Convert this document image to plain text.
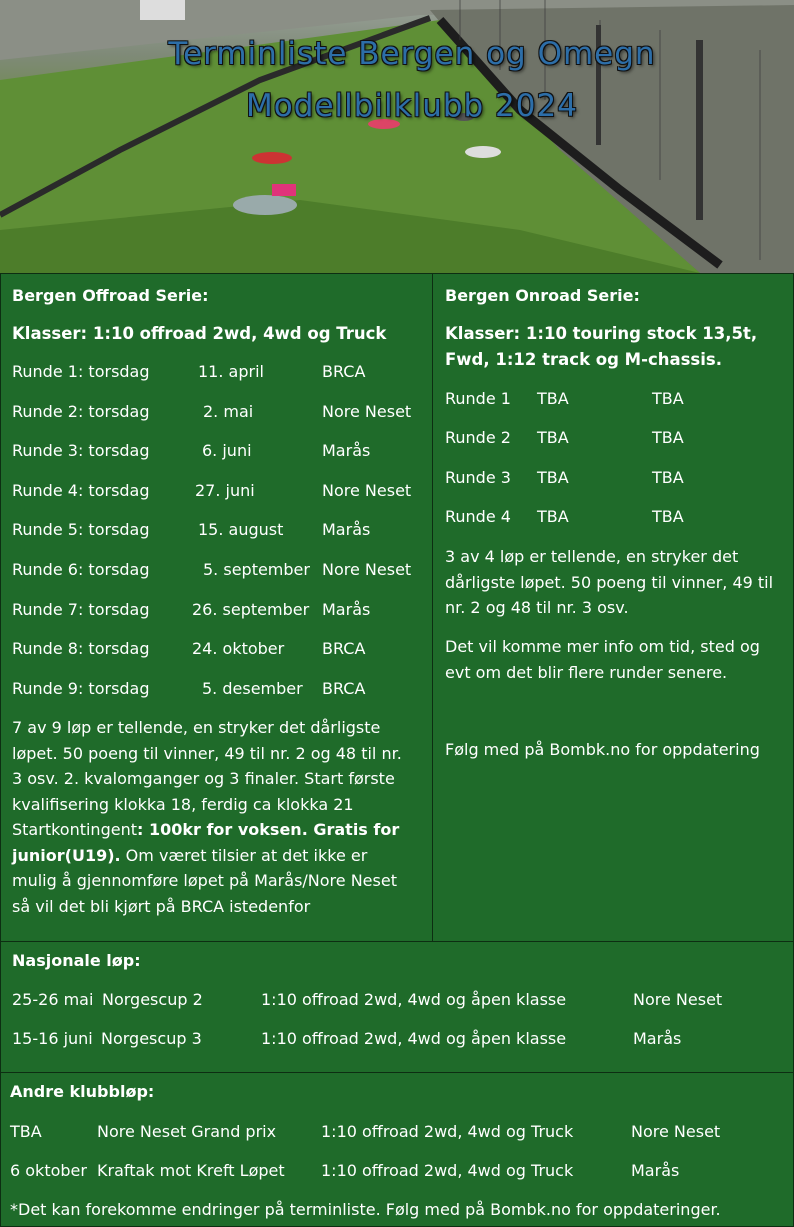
Terminliste Bergen og Omegn
Modellbilklubb 2024
Bergen Offroad Serie:
Klasser: 1:10 offroad 2wd, 4wd og Truck
Runde 1: torsdag	11. april	BRCA
Runde 2: torsdag	2. mai	Nore Neset
Runde 3: torsdag	6. juni	Marås
Runde 4: torsdag	27. juni	Nore Neset
Runde 5: torsdag	15. august Marås
Runde 6: torsdag	5. september Nore Neset
Runde 7: torsdag	26. september Marås
Runde 8: torsdag	24. oktober BRCA
Runde 9: torsdag	5. desember BRCA
7 av 9 løp er tellende, en stryker det dårligste løpet. 50 poeng til vinner, 49 til nr. 2 og 48 til nr. 3 osv. 2. kvalomganger og 3 finaler. Start første kvalifisering klokka 18, ferdig ca klokka 21 Startkontingent: 100kr for voksen. Gratis for junior(U19). Om været tilsier at det ikke er mulig å gjennomføre løpet på Marås/Nore Neset så vil det bli kjørt på BRCA istedenfor
Bergen Onroad Serie:
Klasser: 1:10 touring stock 13,5t, Fwd, 1:12 track og M-chassis.
Runde 1 TBA	TBA
Runde 2 TBA	TBA
Runde 3 TBA	TBA
Runde 4 TBA	TBA
3 av 4 løp er tellende, en stryker det dårligste løpet. 50 poeng til vinner, 49 til nr. 2 og 48 til nr. 3 osv.
Det vil komme mer info om tid, sted og evt om det blir flere runder senere.
Følg med på Bombk.no for oppdatering
Nasjonale løp:
25-26 mai Norgescup 2	1:10 offroad 2wd, 4wd og åpen klasse	Nore Neset
15-16 juni Norgescup 3	1:10 offroad 2wd, 4wd og åpen klasse	Marås
Andre klubbløp:
TBA	Nore Neset Grand prix	1:10 offroad 2wd, 4wd og Truck	Nore Neset
6 oktober Kraftak mot Kreft Løpet 1:10 offroad 2wd, 4wd og Truck	Marås
*Det kan forekomme endringer på terminliste. Følg med på Bombk.no for oppdateringer.
